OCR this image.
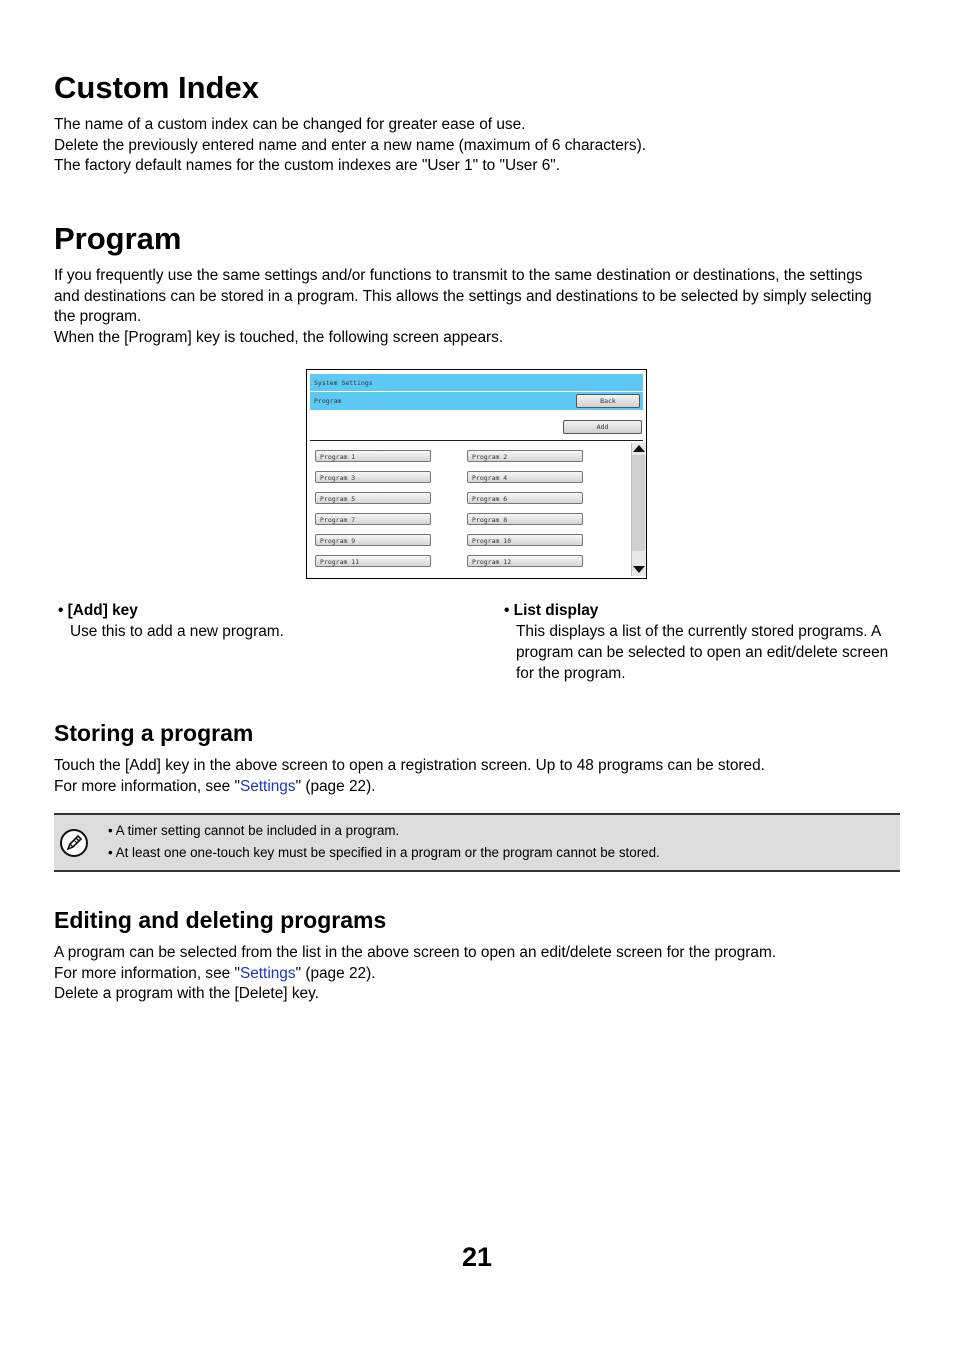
Custom Index
The name of a custom index can be changed for greater ease of use.
Delete the previously entered name and enter a new name (maximum of 6 characters).
The factory default names for the custom indexes are "User 1" to "User 6".
Program
If you frequently use the same settings and/or functions to transmit to the same destination or destinations, the settings
and destinations can be stored in a program. This allows the settings and destinations to be selected by simply selecting
the program.
When the [Program] key is touched, the following screen appears.
System Settings
Program	Back
Add
Program 1	Program 2
Program 3	Program 4
Program 5	Program 6
Program 7	Program 8
Program 9	Program 10
Program 11	Program 12
• [Add] key
Use this to add a new program.
• List display
This displays a list of the currently stored programs. A
program can be selected to open an edit/delete screen
for the program.
Storing a program
Touch the [Add] key in the above screen to open a registration screen. Up to 48 programs can be stored.
For more information, see "Settings" (page 22).
• A timer setting cannot be included in a program.
• At least one one-touch key must be specified in a program or the program cannot be stored.
Editing and deleting programs
A program can be selected from the list in the above screen to open an edit/delete screen for the program.
For more information, see "Settings" (page 22).
Delete a program with the [Delete] key.
21
